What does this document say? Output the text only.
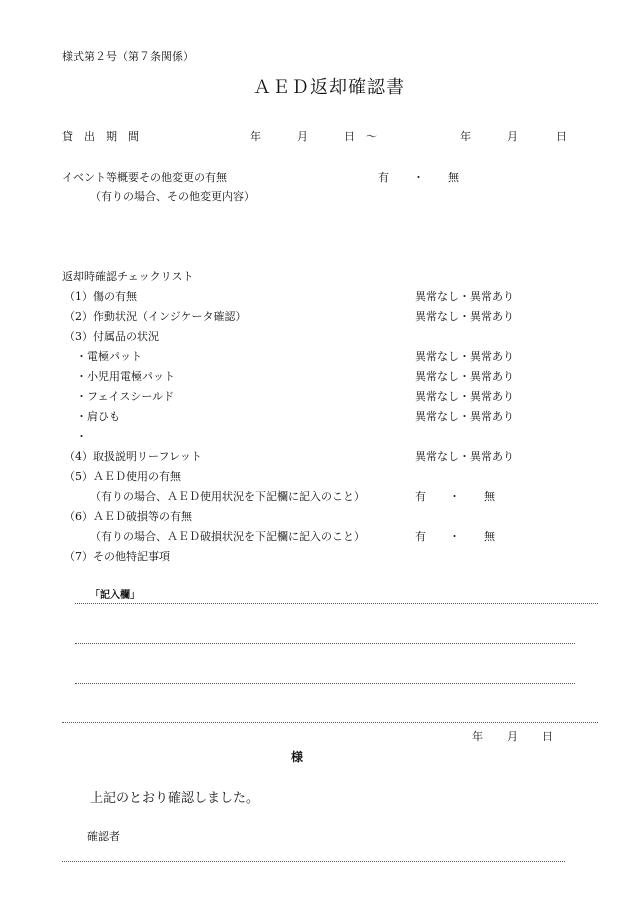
様式第２号（第７条関係）
ＡＥＤ返却確認書
貸　出　期　間	年	月	日 〜	年	月	日
イベント等概要その他変更の有無	有 ・ 無
（有りの場合、その他変更内容）
返却時確認チェックリスト
（1）傷の有無	異常なし・異常あり
（2）作動状況（インジケータ確認）	異常なし・異常あり
（3）付属品の状況
・電極パット	異常なし・異常あり
・小児用電極パット	異常なし・異常あり
・フェイスシールド	異常なし・異常あり
・肩ひも	異常なし・異常あり
・
（4）取扱説明リーフレット	異常なし・異常あり
（5）ＡＥＤ使用の有無
（有りの場合、ＡＥＤ使用状況を下記欄に記入のこと）	有 ・ 無
（6）ＡＥＤ破損等の有無
（有りの場合、ＡＥＤ破損状況を下記欄に記入のこと）	有 ・ 無
（7）その他特記事項
「記入欄」
年 月 日
様
上記のとおり確認しました。
確認者
